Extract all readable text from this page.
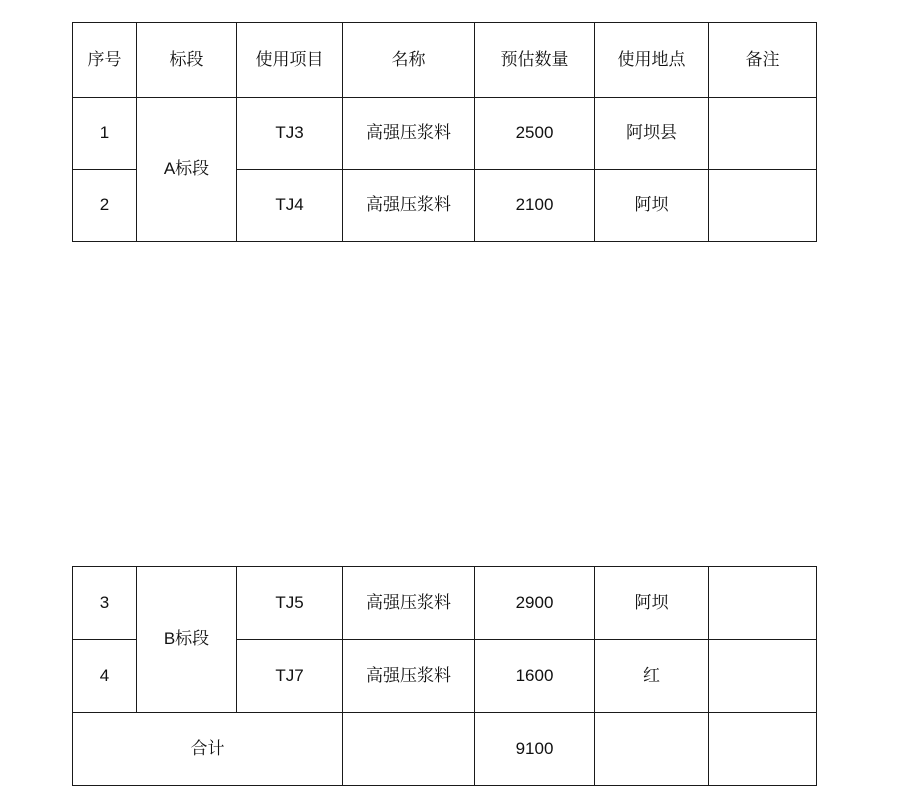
序号	标段	使用项目	名称	预估数量	使用地点	备注
1	A标段	TJ3	高强压浆料	2500	阿坝县	
2		TJ4	高强压浆料	2100	阿坝	
3	B标段	TJ5	高强压浆料	2900	阿坝	
4		TJ7	高强压浆料	1600	红	
合计				9100		
